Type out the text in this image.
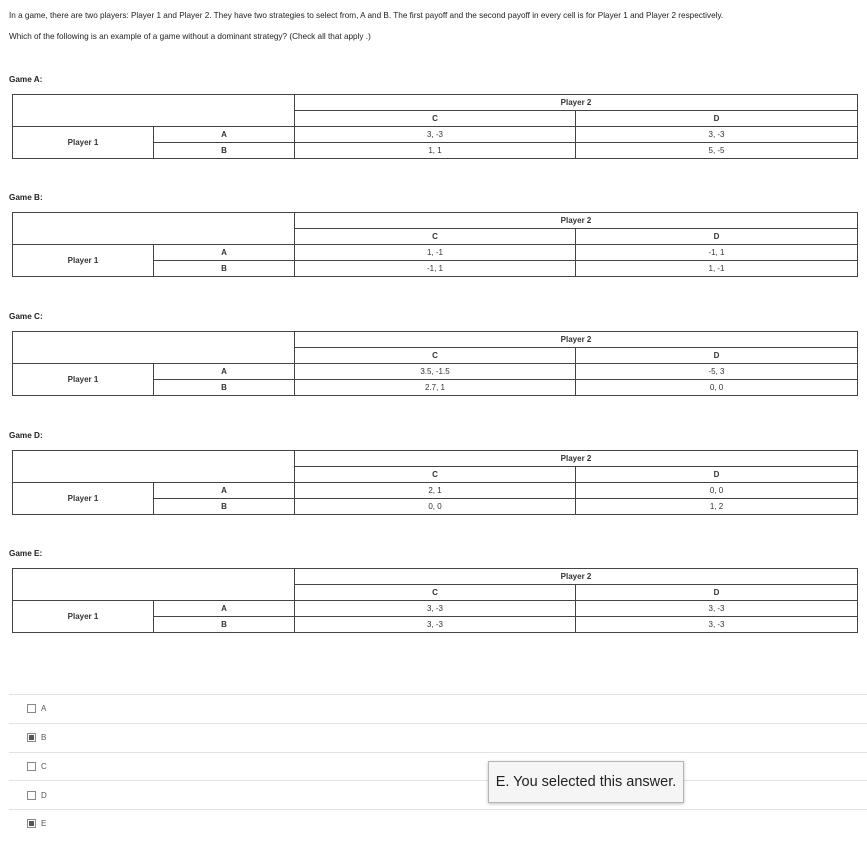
In a game, there are two players: Player 1 and Player 2. They have two strategies to select from, A and B. The first payoff and the second payoff in every cell is for Player 1 and Player 2 respectively.
Which of the following is an example of a game without a dominant strategy? (Check all that apply .)
Game A:
		Player 2	
		C	D
Player 1	A	3, -3	3, -3
	B	1, 1	5, -5
Game B:
		Player 2	
		C	D
Player 1	A	1, -1	-1, 1
	B	-1, 1	1, -1
Game C:
		Player 2	
		C	D
Player 1	A	3.5, -1.5	-5, 3
	B	2.7, 1	0, 0
Game D:
		Player 2	
		C	D
Player 1	A	2, 1	0, 0
	B	0, 0	1, 2
Game E:
		Player 2	
		C	D
Player 1	A	3, -3	3, -3
	B	3, -3	3, -3
A
B
C
D
E
E. You selected this answer.
